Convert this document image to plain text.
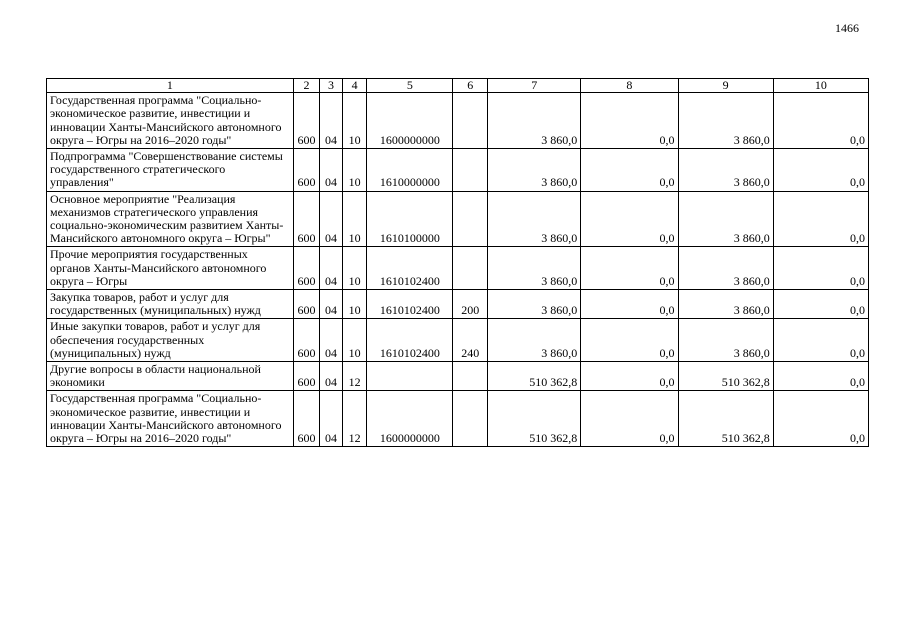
1466
1	2	3	4	5	6	7	8	9	10
Государственная программа "Социально-экономическое развитие, инвестиции и инновации Ханты-Мансийского автономного округа – Югры на 2016–2020 годы"	600	04	10	1600000000		3 860,0	0,0	3 860,0	0,0
Подпрограмма "Совершенствование системы государственного стратегического управления"	600	04	10	1610000000		3 860,0	0,0	3 860,0	0,0
Основное мероприятие "Реализация механизмов стратегического управления социально-экономическим развитием Ханты-Мансийского автономного округа – Югры"	600	04	10	1610100000		3 860,0	0,0	3 860,0	0,0
Прочие мероприятия государственных органов Ханты-Мансийского автономного округа – Югры	600	04	10	1610102400		3 860,0	0,0	3 860,0	0,0
Закупка товаров, работ и услуг для государственных (муниципальных) нужд	600	04	10	1610102400	200	3 860,0	0,0	3 860,0	0,0
Иные закупки товаров, работ и услуг для обеспечения государственных (муниципальных) нужд	600	04	10	1610102400	240	3 860,0	0,0	3 860,0	0,0
Другие вопросы в области национальной экономики	600	04	12			510 362,8	0,0	510 362,8	0,0
Государственная программа "Социально-экономическое развитие, инвестиции и инновации Ханты-Мансийского автономного округа – Югры на 2016–2020 годы"	600	04	12	1600000000		510 362,8	0,0	510 362,8	0,0
